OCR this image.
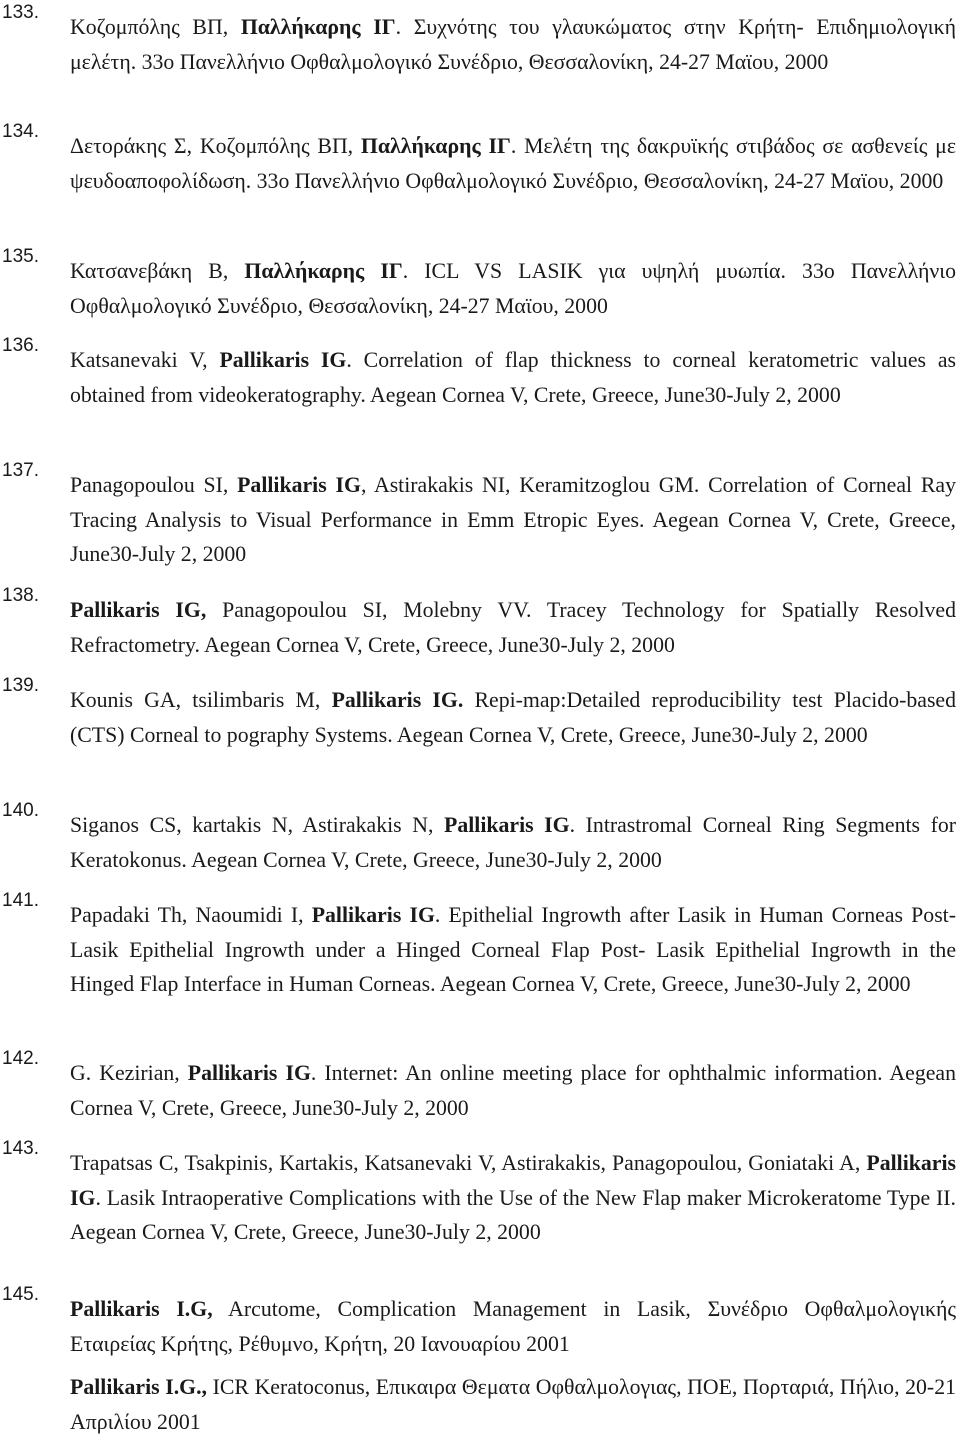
133.
Κοζομπόλης ΒΠ, Παλλήκαρης ΙΓ. Συχνότης του γλαυκώματος στην Κρήτη- Επιδημιολογική μελέτη. 33ο Πανελλήνιο Οφθαλμολογικό Συνέδριο, Θεσσαλονίκη, 24-27 Μαϊου, 2000
134.
Δετοράκης Σ, Κοζομπόλης ΒΠ, Παλλήκαρης ΙΓ. Μελέτη της δακρυϊκής στιβάδος σε ασθενείς με ψευδοαποφολίδωση. 33ο Πανελλήνιο Οφθαλμολογικό Συνέδριο, Θεσσαλονίκη, 24-27 Μαϊου, 2000
135.
Κατσανεβάκη Β, Παλλήκαρης ΙΓ. ICL VS LASIK για υψηλή μυωπία. 33ο Πανελλήνιο Οφθαλμολογικό Συνέδριο, Θεσσαλονίκη, 24-27 Μαϊου, 2000
136.
Katsanevaki V, Pallikaris IG. Correlation of flap thickness to corneal keratometric values as obtained from videokeratography. Aegean Cornea V, Crete, Greece, June30-July 2, 2000
137.
Panagopoulou SI, Pallikaris IG, Astirakakis NI, Keramitzoglou GM. Correlation of Corneal Ray Tracing Analysis to Visual Performance in Emm Etropic Eyes. Aegean Cornea V, Crete, Greece, June30-July 2, 2000
138.
Pallikaris IG, Panagopoulou SI, Molebny VV. Tracey Technology for Spatially Resolved Refractometry. Aegean Cornea V, Crete, Greece, June30-July 2, 2000
139.
Kounis GA, tsilimbaris M, Pallikaris IG. Repi-map:Detailed reproducibility test Placido-based (CTS) Corneal to pography Systems. Aegean Cornea V, Crete, Greece, June30-July 2, 2000
140.
Siganos CS, kartakis N, Astirakakis N, Pallikaris IG. Intrastromal Corneal Ring Segments for Keratokonus. Aegean Cornea V, Crete, Greece, June30-July 2, 2000
141.
Papadaki Th, Naoumidi I, Pallikaris IG. Epithelial Ingrowth after Lasik in Human Corneas Post-Lasik Epithelial Ingrowth under a Hinged Corneal Flap Post- Lasik Epithelial Ingrowth in the Hinged Flap Interface in Human Corneas. Aegean Cornea V, Crete, Greece, June30-July 2, 2000
142.
G. Kezirian, Pallikaris IG. Internet: An online meeting place for ophthalmic information. Aegean Cornea V, Crete, Greece, June30-July 2, 2000
143.
Trapatsas C, Tsakpinis, Kartakis, Katsanevaki V, Astirakakis, Panagopoulou, Goniataki A, Pallikaris IG. Lasik Intraoperative Complications with the Use of the New Flap maker Microkeratome Type II. Aegean Cornea V, Crete, Greece, June30-July 2, 2000
145.
Pallikaris I.G, Arcutome, Complication Management in Lasik, Συνέδριο Οφθαλμολογικής Εταιρείας Κρήτης, Ρέθυμνο, Κρήτη, 20 Ιανουαρίου 2001
Pallikaris I.G., ICR Keratoconus, Επικαιρα Θεματα Οφθαλμολογιας, ΠΟΕ, Πορταριά, Πήλιο, 20-21 Απριλίου 2001
